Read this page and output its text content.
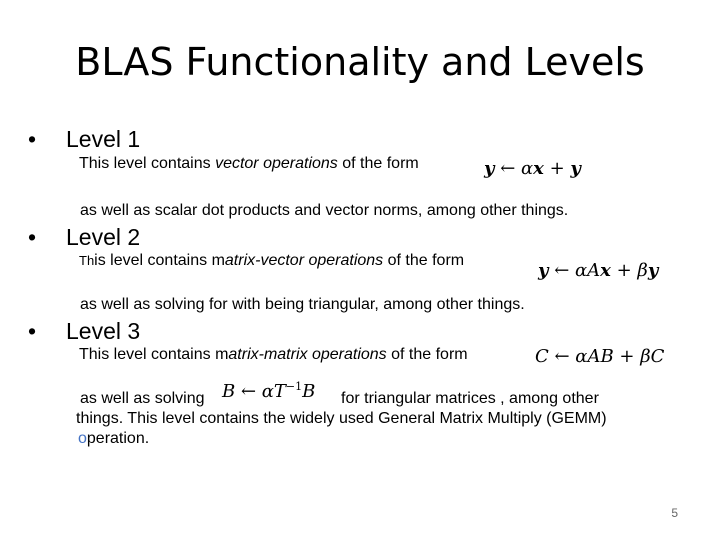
BLAS Functionality and Levels
• Level 1
This level contains vector operations of the form	y ← αx + y
as well as scalar dot products and vector norms, among other things.
• Level 2
This level contains matrix-vector operations of the form	y ← αAx + βy
as well as solving for with being triangular, among other things.
• Level 3
This level contains matrix-matrix operations of the form	C ← αAB + βC
as well as solving B ← $\alpha T^{-1}B$ for triangular matrices , among other
things. This level contains the widely used General Matrix Multiply (GEMM)
operation.
5
